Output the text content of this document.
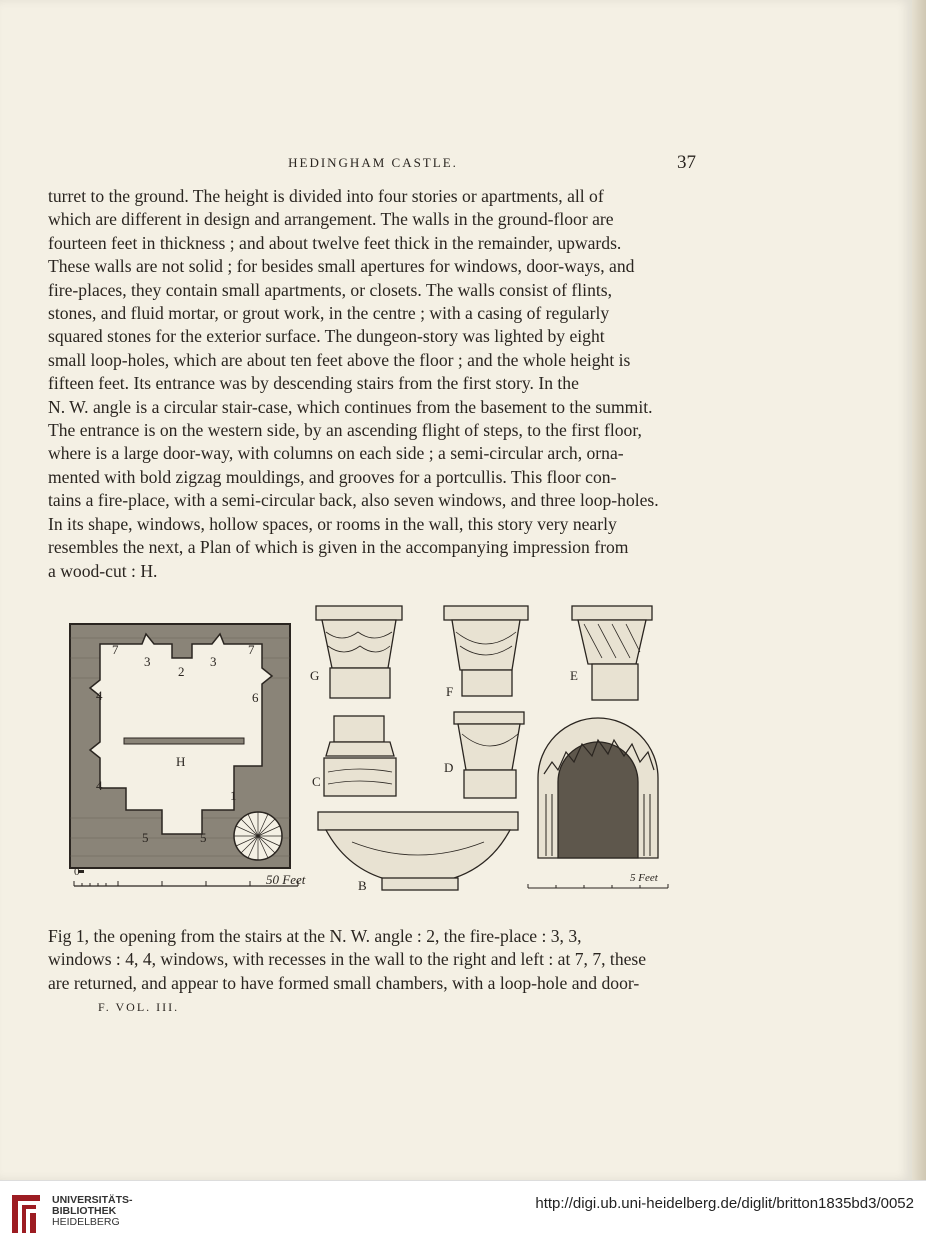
HEDINGHAM CASTLE.	37

turret to the ground. The height is divided into four stories or apartments, all of

which are different in design and arrangement. The walls in the ground-floor are

fourteen feet in thickness ; and about twelve feet thick in the remainder, upwards.

These walls are not solid ; for besides small apertures for windows, door-ways, and

fire-places, they contain small apartments, or closets. The walls consist of flints,

stones, and fluid mortar, or grout work, in the centre ; with a casing of regularly

squared stones for the exterior surface. The dungeon-story was lighted by eight

small loop-holes, which are about ten feet above the floor ; and the whole height is

fifteen feet. Its entrance was by descending stairs from the first story. In the

N. W. angle is a circular stair-case, which continues from the basement to the summit.

The entrance is on the western side, by an ascending flight of steps, to the first floor,

where is a large door-way, with columns on each side ; a semi-circular arch, orna-

mented with bold zigzag mouldings, and grooves for a portcullis. This floor con-

tains a fire-place, with a semi-circular back, also seven windows, and three loop-holes.

In its shape, windows, hollow spaces, or rooms in the wall, this story very nearly

resembles the next, a Plan of which is given in the accompanying impression from

a wood-cut : H.

H
7
3
2
3
7
4	6
4
1
5	5
0	50 Feet
G
F
E
C
D
B	5 Feet

Fig 1, the opening from the stairs at the N. W. angle : 2, the fire-place : 3, 3,

windows : 4, 4, windows, with recesses in the wall to the right and left : at 7, 7, these

are returned, and appear to have formed small chambers, with a loop-hole and door-

F. VOL. III.
UNIVERSITÄTS-
BIBLIOTHEK
HEIDELBERG
http://digi.ub.uni-heidelberg.de/diglit/britton1835bd3/0052
